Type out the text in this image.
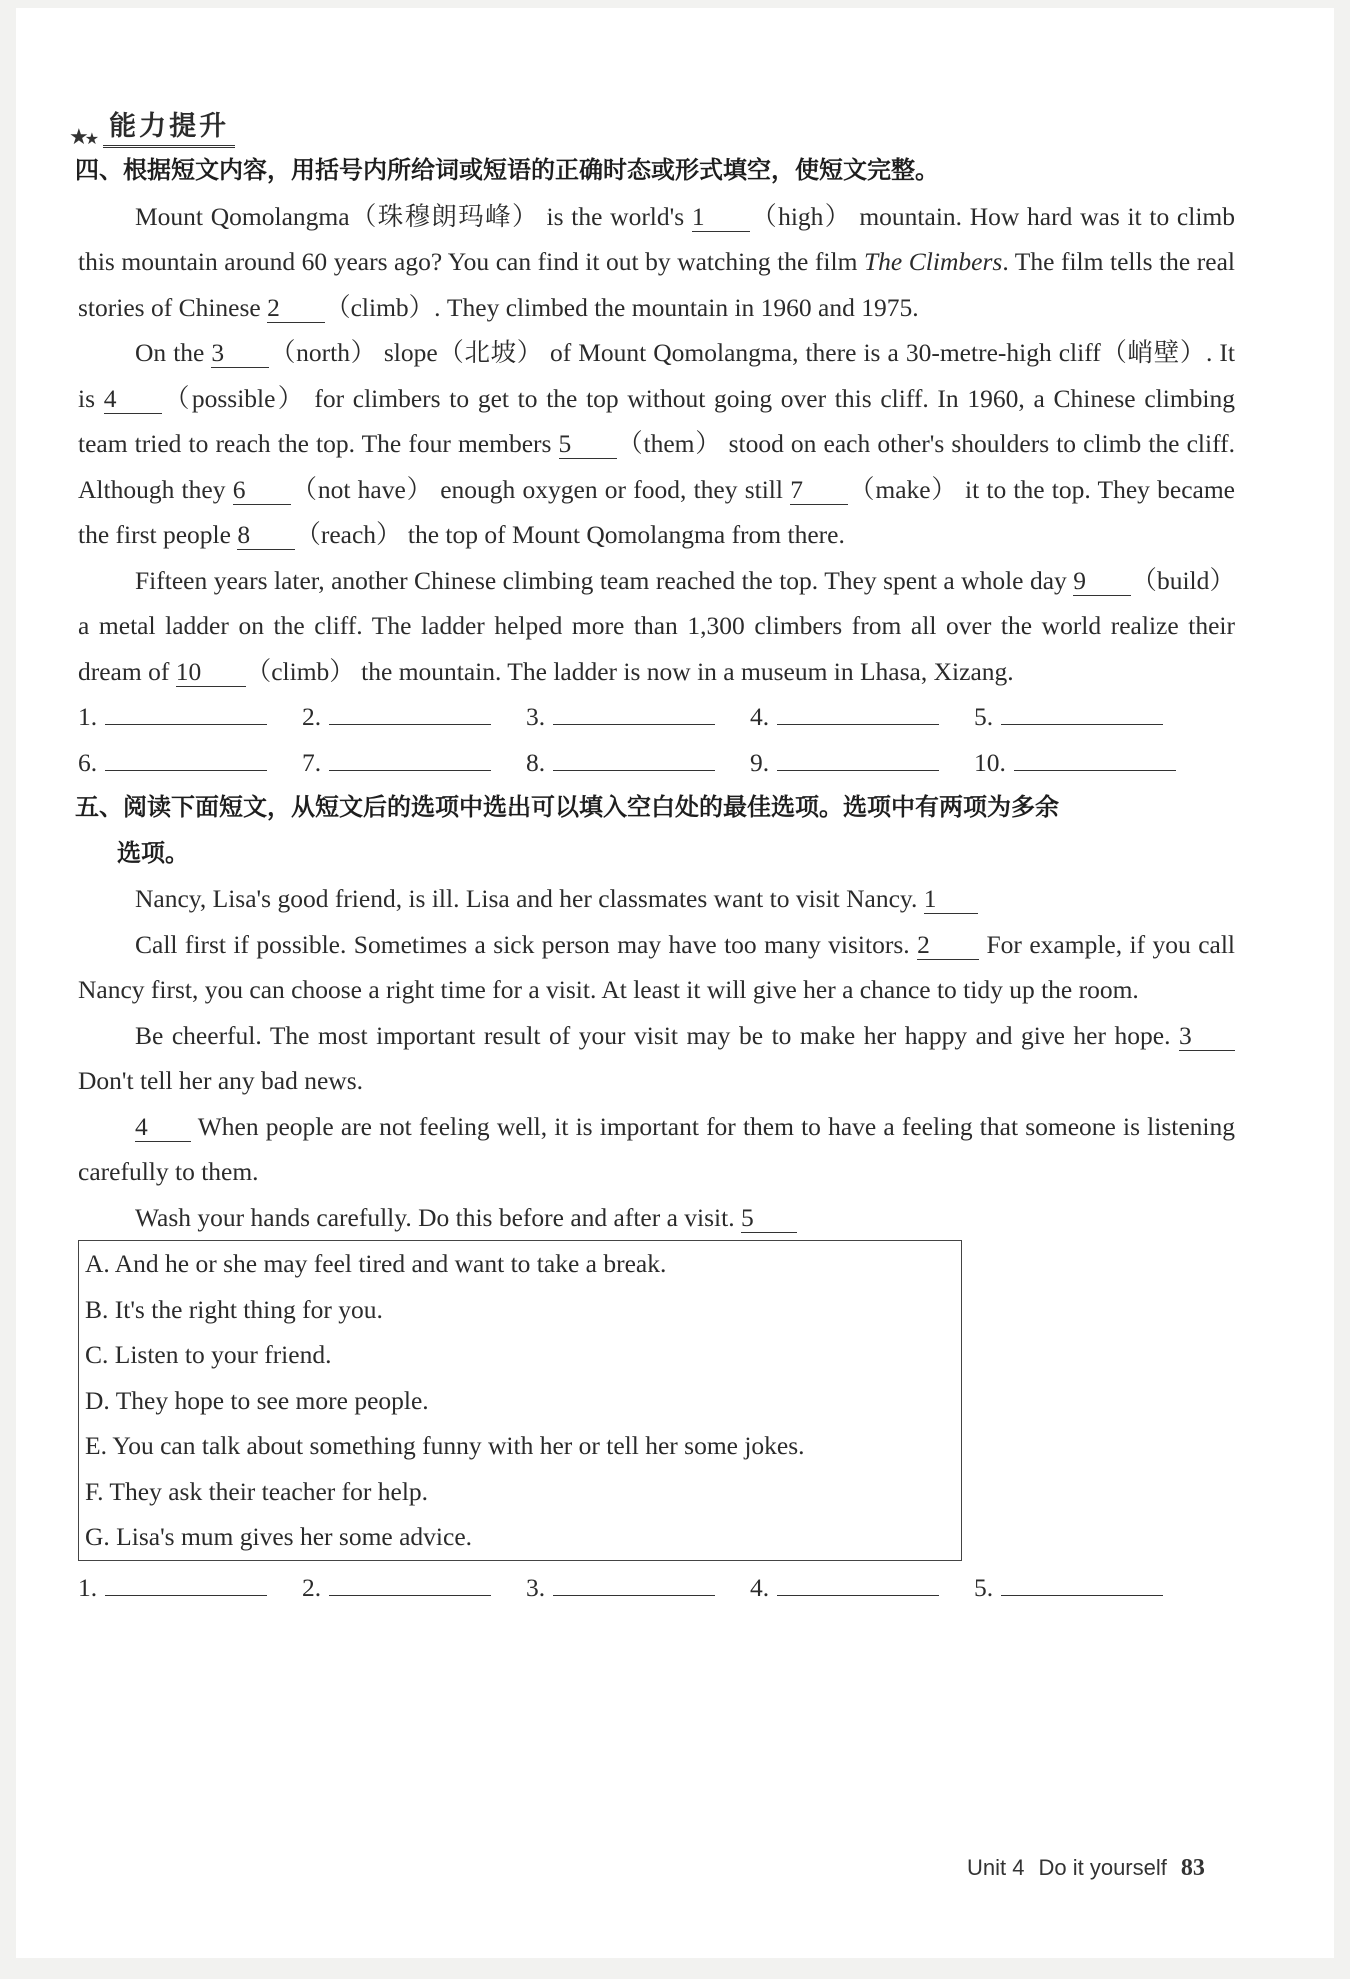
★
★ 能力提升
四、根据短文内容，用括号内所给词或短语的正确时态或形式填空，使短文完整。

Mount Qomolangma（珠穆朗玛峰） is the world's 1 （high） mountain. How hard was it to climb this mountain around 60 years ago? You can find it out by watching the film The Climbers. The film tells the real stories of Chinese 2 （climb）. They climbed the mountain in 1960 and 1975.

On the 3 （north） slope（北坡） of Mount Qomolangma, there is a 30-metre-high cliff（峭壁）. It is 4 （possible） for climbers to get to the top without going over this cliff. In 1960, a Chinese climbing team tried to reach the top. The four members 5 （them） stood on each other's shoulders to climb the cliff. Although they 6 （not have） enough oxygen or food, they still 7 （make） it to the top. They became the first people 8 （reach） the top of Mount Qomolangma from there.

Fifteen years later, another Chinese climbing team reached the top. They spent a whole day 9 （build） a metal ladder on the cliff. The ladder helped more than 1,300 climbers from all over the world realize their dream of 10 （climb） the mountain. The ladder is now in a museum in Lhasa, Xizang.

1.	2.	3.	4.	5.
6.	7.	8.	9.	10.
五、阅读下面短文，从短文后的选项中选出可以填入空白处的最佳选项。选项中有两项为多余
选项。

Nancy, Lisa's good friend, is ill. Lisa and her classmates want to visit Nancy. 1

Call first if possible. Sometimes a sick person may have too many visitors. 2 For example, if you call Nancy first, you can choose a right time for a visit. At least it will give her a chance to tidy up the room.

Be cheerful. The most important result of your visit may be to make her happy and give her hope. 3 Don't tell her any bad news.

4 When people are not feeling well, it is important for them to have a feeling that someone is listening carefully to them.

Wash your hands carefully. Do this before and after a visit. 5

A. And he or she may feel tired and want to take a break.
B. It's the right thing for you.
C. Listen to your friend.
D. They hope to see more people.
E. You can talk about something funny with her or tell her some jokes.
F. They ask their teacher for help.
G. Lisa's mum gives her some advice.
1.	2.	3.	4.	5.
Unit 4 Do it yourself 83
